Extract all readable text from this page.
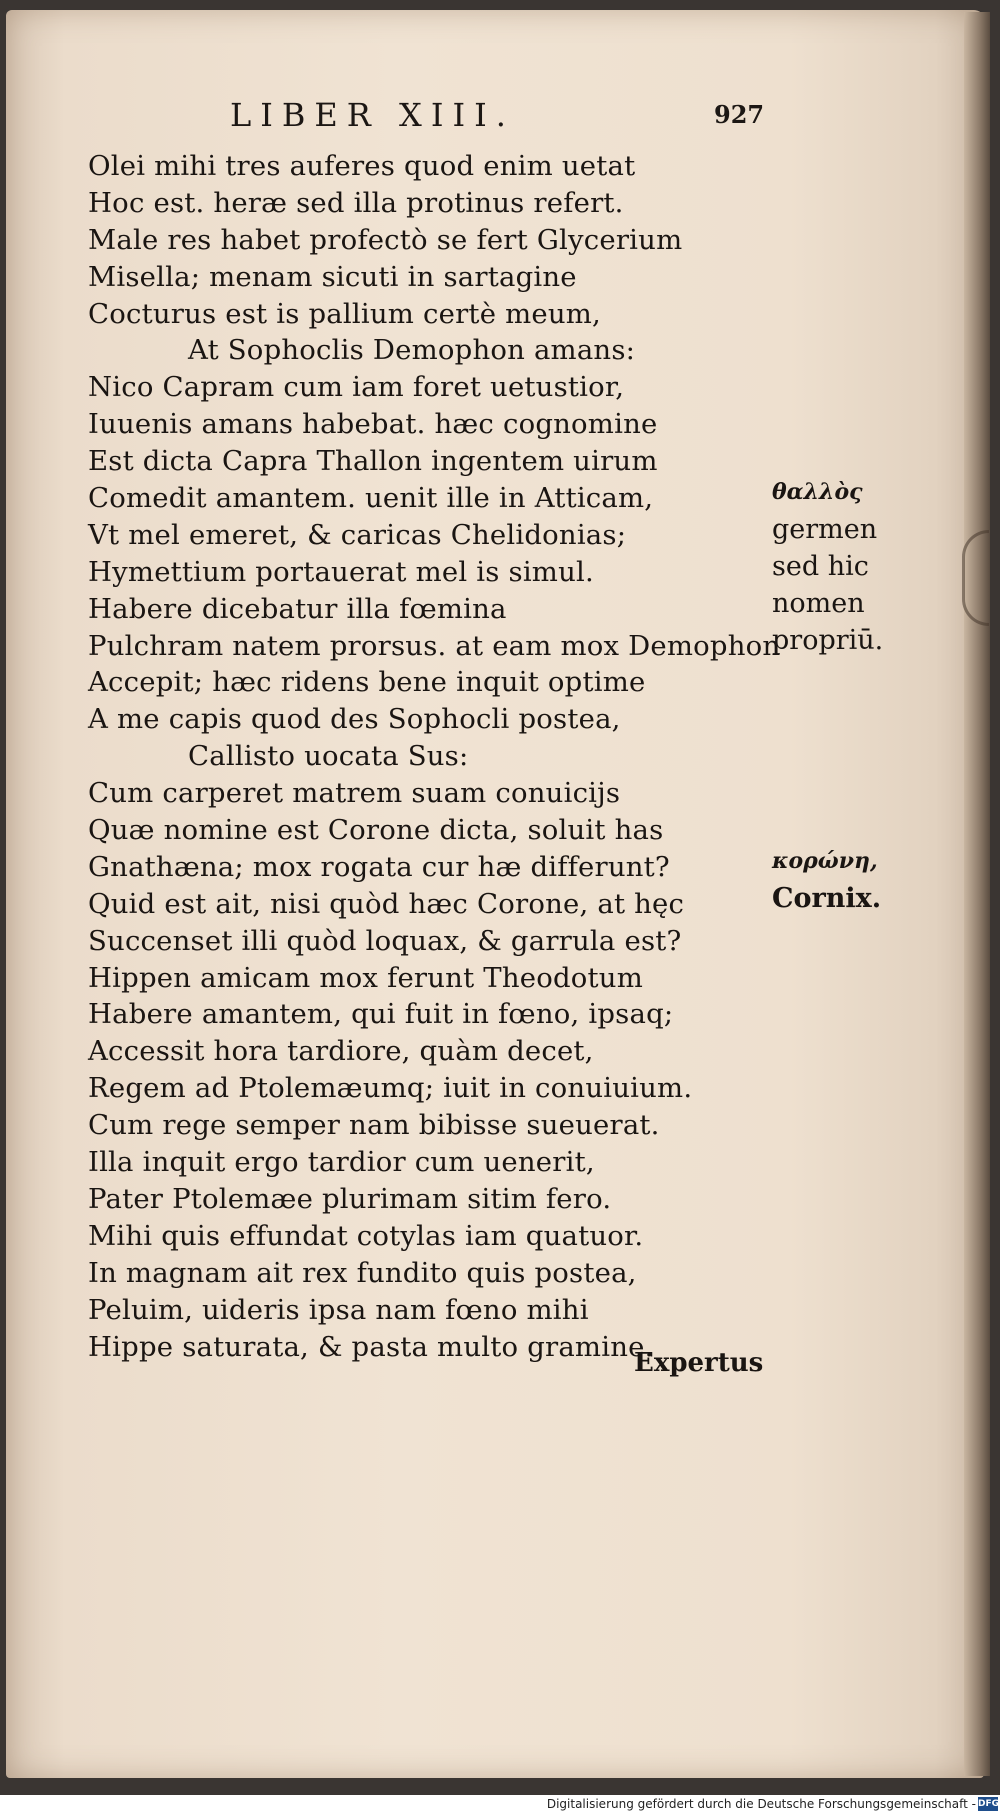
LIBER XIII.	927
Olei mihi tres auferes quod enim uetat
Hoc est. heræ sed illa protinus refert.
Male res habet profectò se fert Glycerium
Misella; menam sicuti in sartagine
Cocturus est is pallium certè meum,
At Sophoclis Demophon amans:
Nico Capram cum iam foret uetustior,
Iuuenis amans habebat. hæc cognomine
Est dicta Capra Thallon ingentem uirum
Comedit amantem. uenit ille in Atticam,
Vt mel emeret, & caricas Chelidonias;
Hymettium portauerat mel is simul.
Habere dicebatur illa fœmina
Pulchram natem prorsus. at eam mox Demophon
Accepit; hæc ridens bene inquit optime
A me capis quod des Sophocli postea,
Callisto uocata Sus:
Cum carperet matrem suam conuicijs
Quæ nomine est Corone dicta, soluit has
Gnathæna; mox rogata cur hæ differunt?
Quid est ait, nisi quòd hæc Corone, at hęc
Succenset illi quòd loquax, & garrula est?
Hippen amicam mox ferunt Theodotum
Habere amantem, qui fuit in fœno, ipsaq;
Accessit hora tardiore, quàm decet,
Regem ad Ptolemæumq; iuit in conuiuium.
Cum rege semper nam bibisse sueuerat.
Illa inquit ergo tardior cum uenerit,
Pater Ptolemæe plurimam sitim fero.
Mihi quis effundat cotylas iam quatuor.
In magnam ait rex fundito quis postea,
Peluim, uideris ipsa nam fœno mihi
Hippe saturata, & pasta multo gramine.
θαλλὸς
germen
sed hic
nomen
propriū.
κορώνη,
Cornix.
Expertus
Digitalisierung gefördert durch die Deutsche Forschungsgemeinschaft - DFG
